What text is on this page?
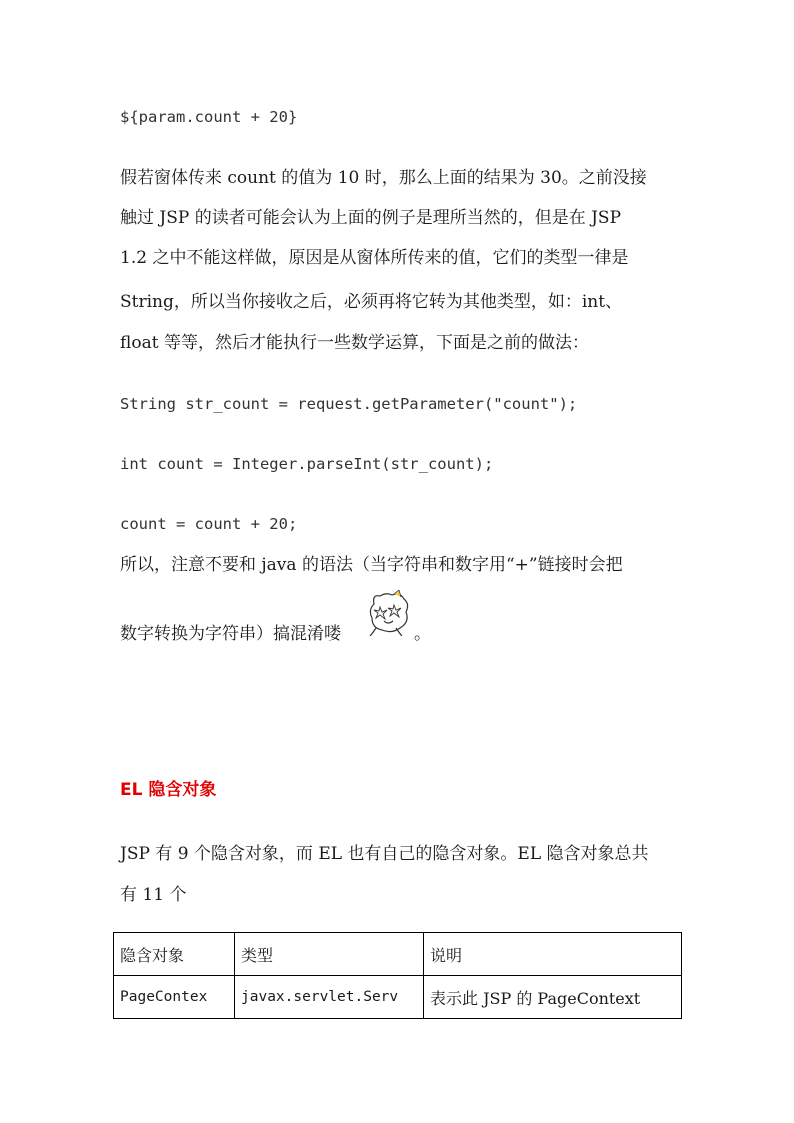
${param.count + 20}
假若窗体传来 count 的值为 10 时，那么上面的结果为 30。之前没接
触过 JSP 的读者可能会认为上面的例子是理所当然的，但是在 JSP
1.2 之中不能这样做，原因是从窗体所传来的值，它们的类型一律是
String，所以当你接收之后，必须再将它转为其他类型，如：int、
float 等等，然后才能执行一些数学运算，下面是之前的做法：
String str_count = request.getParameter("count");
int count = Integer.parseInt(str_count);
count = count + 20;
所以，注意不要和 java 的语法（当字符串和数字用“+”链接时会把
数字转换为字符串）搞混淆喽	。
EL 隐含对象
JSP 有 9 个隐含对象，而 EL 也有自己的隐含对象。EL 隐含对象总共
有 11 个
隐含对象	类型	说明
PageContex	javax.servlet.Serv	表示此 JSP 的 PageContext
